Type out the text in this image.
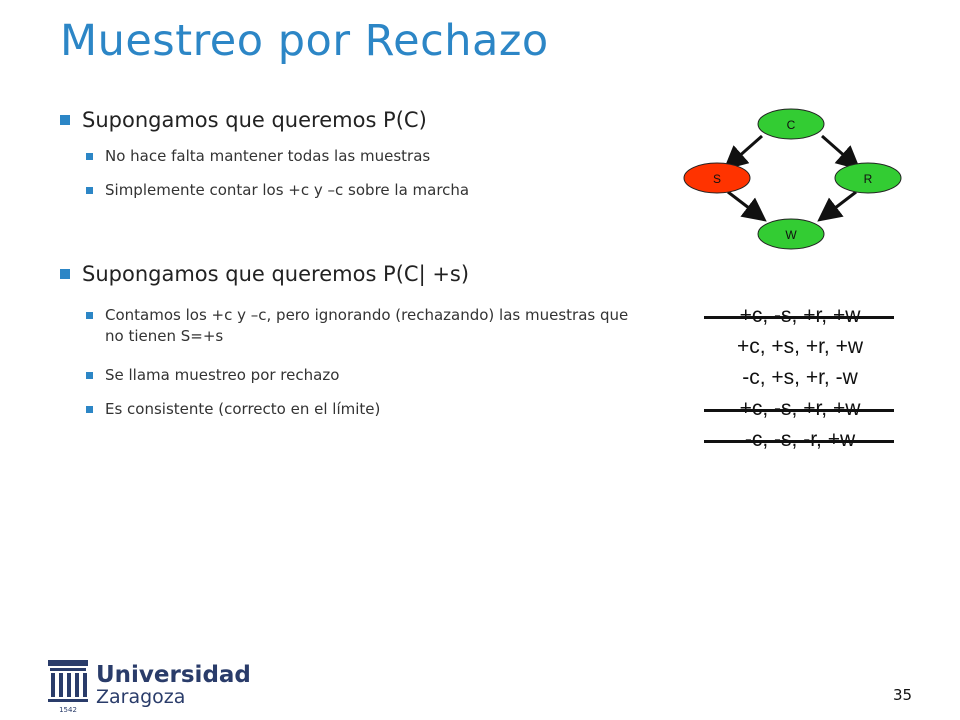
Muestreo por Rechazo
Supongamos que queremos P(C)
No hace falta mantener todas las muestras
Simplemente contar los +c y –c sobre la marcha
Supongamos que queremos P(C| +s)
Contamos los +c y –c, pero ignorando (rechazando) las muestras que no tienen S=+s
Se llama muestreo por rechazo
Es consistente (correcto en el límite)
C
S	R
W
+c, +s, +r, +w
-c, +s, +r, -w
1542
Universidad
Zaragoza	35
